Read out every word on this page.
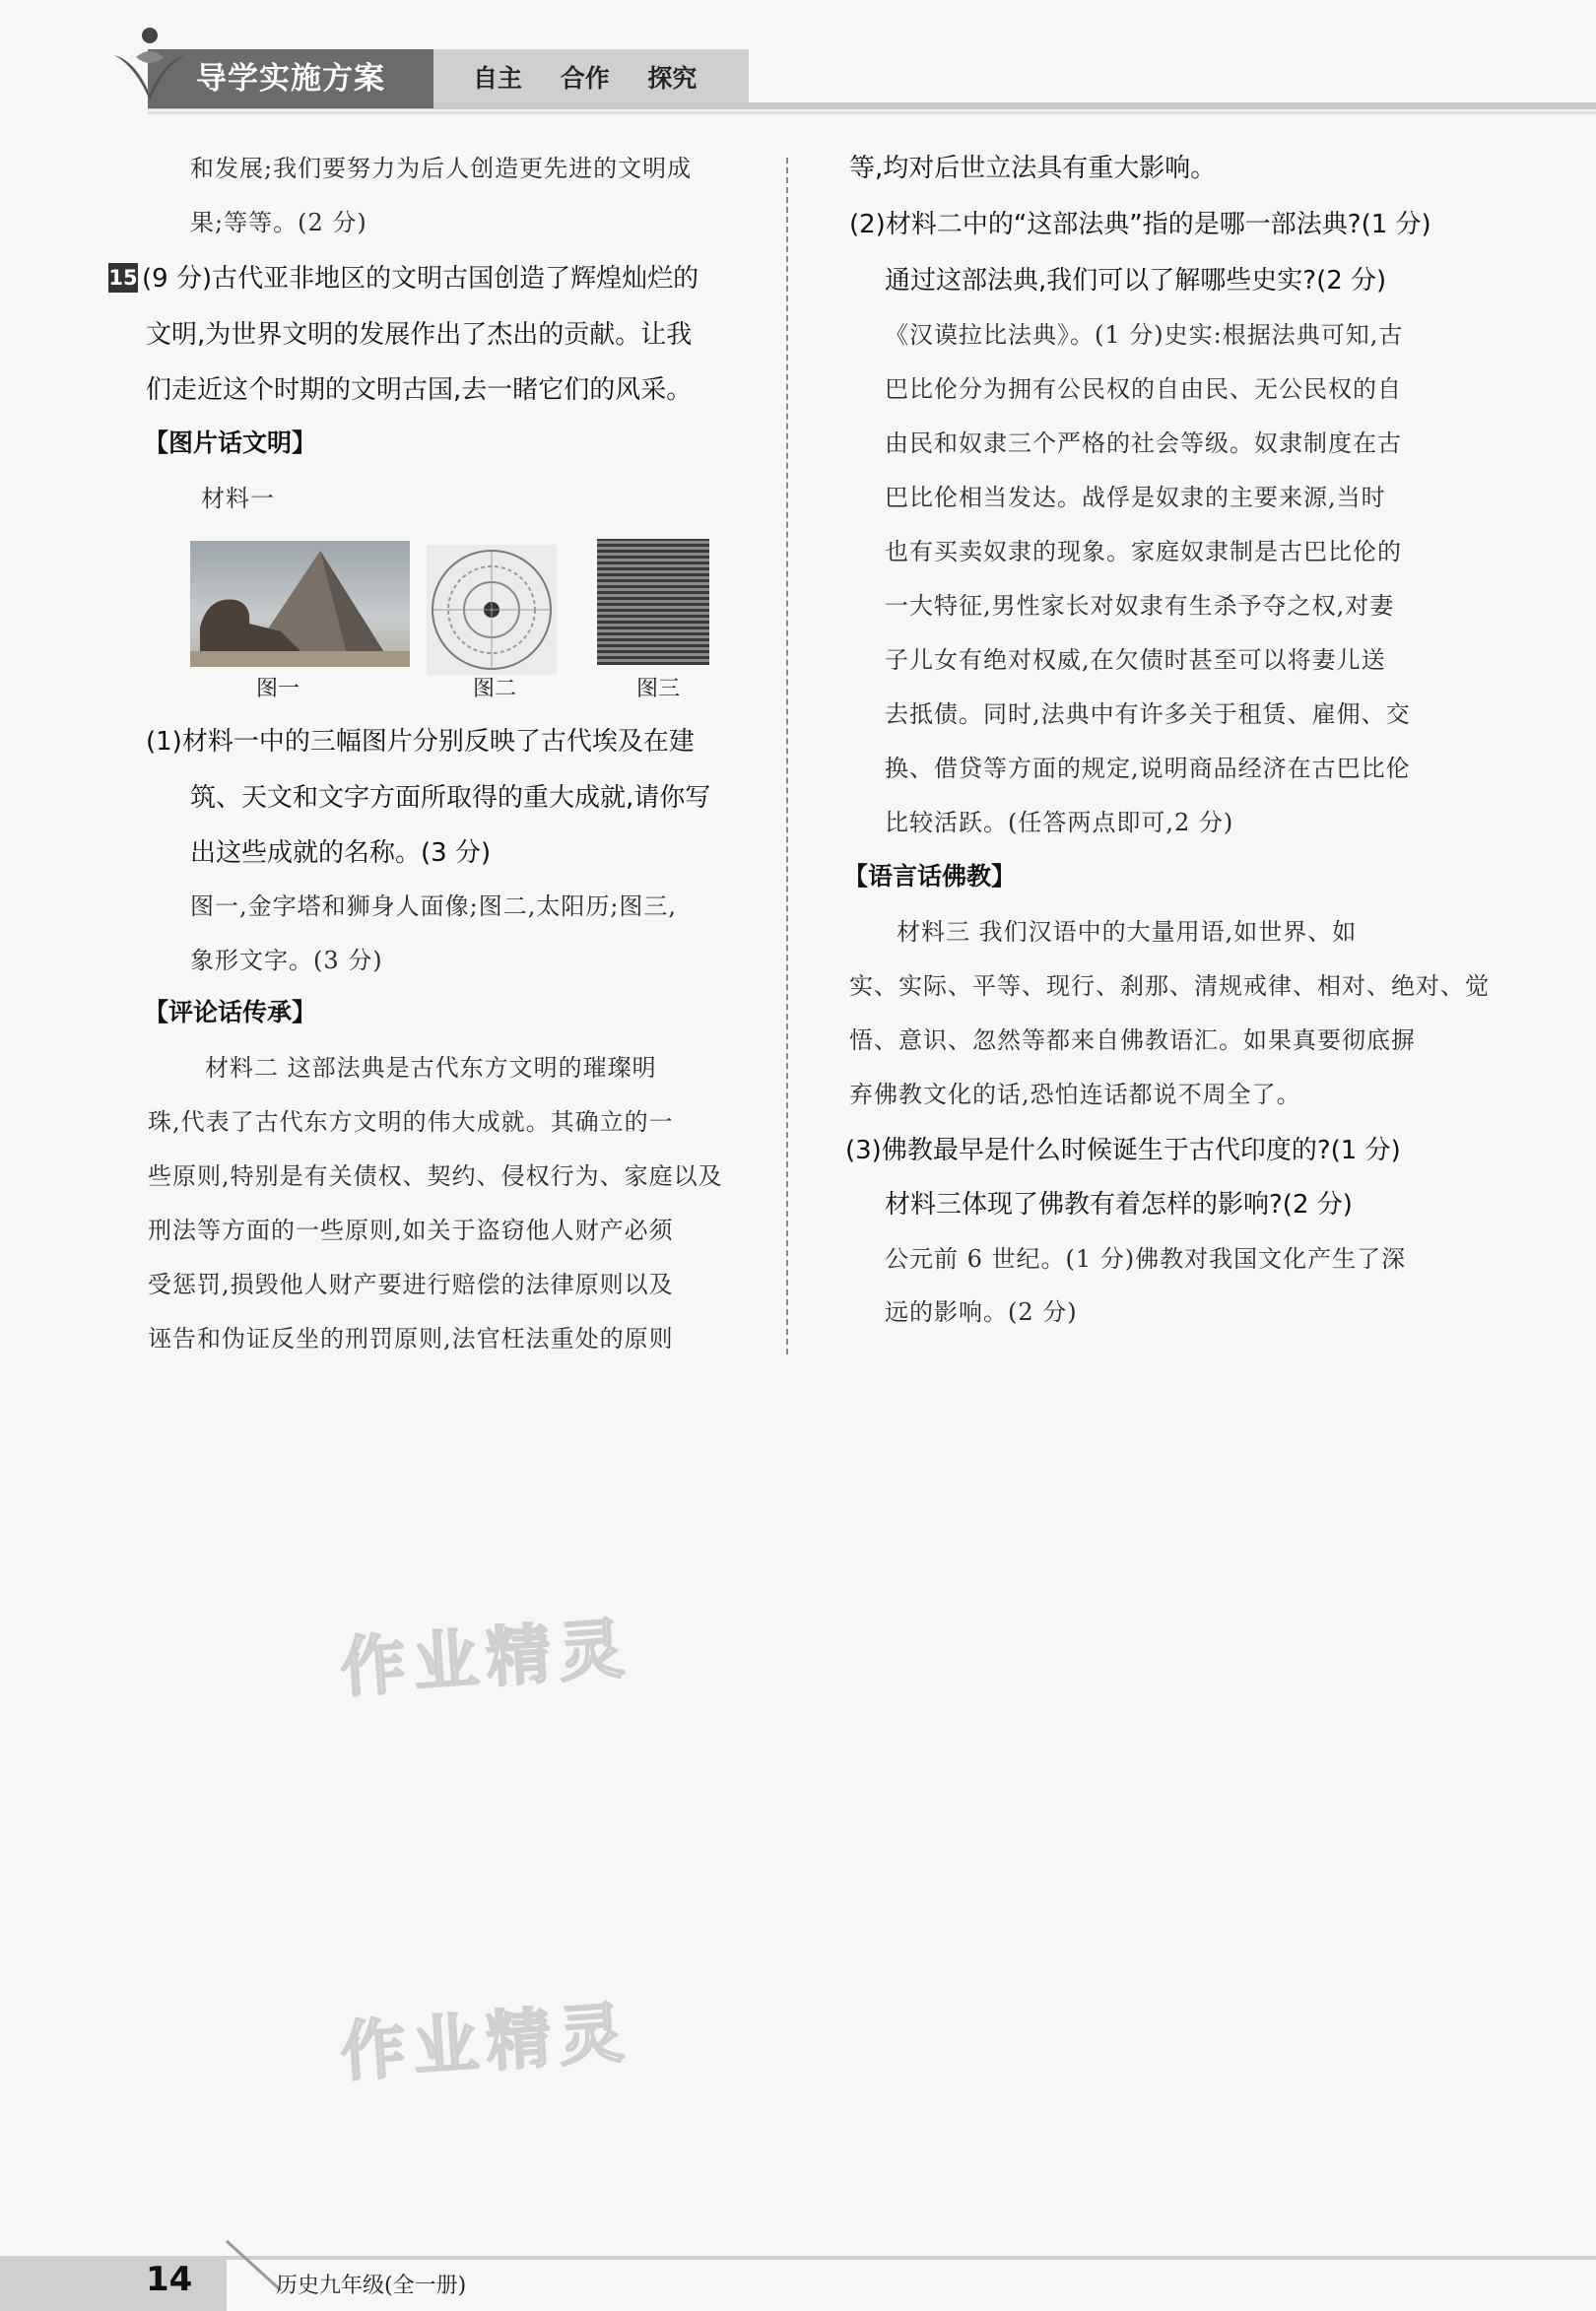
导学实施方案	自主 合作 探究
和发展;我们要努力为后人创造更先进的文明成
果;等等。(2 分)
15 (9 分)古代亚非地区的文明古国创造了辉煌灿烂的
文明,为世界文明的发展作出了杰出的贡献。让我
们走近这个时期的文明古国,去一睹它们的风采。
【图片话文明】
材料一
图一	图二	图三
(1)材料一中的三幅图片分别反映了古代埃及在建
筑、天文和文字方面所取得的重大成就,请你写
出这些成就的名称。(3 分)
图一,金字塔和狮身人面像;图二,太阳历;图三,
象形文字。(3 分)
【评论话传承】
材料二 这部法典是古代东方文明的璀璨明
珠,代表了古代东方文明的伟大成就。其确立的一
些原则,特别是有关债权、契约、侵权行为、家庭以及
刑法等方面的一些原则,如关于盗窃他人财产必须
受惩罚,损毁他人财产要进行赔偿的法律原则以及
诬告和伪证反坐的刑罚原则,法官枉法重处的原则
等,均对后世立法具有重大影响。
(2)材料二中的“这部法典”指的是哪一部法典?(1 分)
通过这部法典,我们可以了解哪些史实?(2 分)
《汉谟拉比法典》。(1 分)史实:根据法典可知,古
巴比伦分为拥有公民权的自由民、无公民权的自
由民和奴隶三个严格的社会等级。奴隶制度在古
巴比伦相当发达。战俘是奴隶的主要来源,当时
也有买卖奴隶的现象。家庭奴隶制是古巴比伦的
一大特征,男性家长对奴隶有生杀予夺之权,对妻
子儿女有绝对权威,在欠债时甚至可以将妻儿送
去抵债。同时,法典中有许多关于租赁、雇佣、交
换、借贷等方面的规定,说明商品经济在古巴比伦
比较活跃。(任答两点即可,2 分)
【语言话佛教】
材料三 我们汉语中的大量用语,如世界、如
实、实际、平等、现行、刹那、清规戒律、相对、绝对、觉
悟、意识、忽然等都来自佛教语汇。如果真要彻底摒
弃佛教文化的话,恐怕连话都说不周全了。
(3)佛教最早是什么时候诞生于古代印度的?(1 分)
材料三体现了佛教有着怎样的影响?(2 分)
公元前 6 世纪。(1 分)佛教对我国文化产生了深
远的影响。(2 分)
作业精灵
作业精灵
14	历史九年级(全一册)
